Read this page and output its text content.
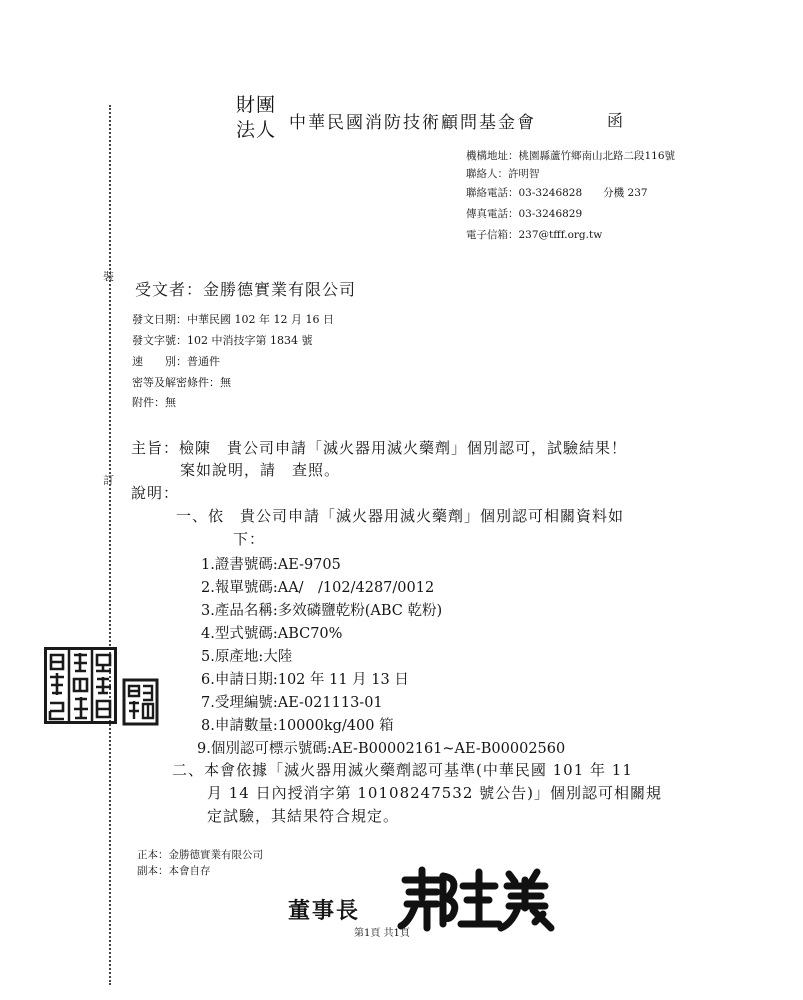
裝
訂
財團
法人 中華民國消防技術顧問基金會	函
機構地址：桃園縣蘆竹鄉南山北路二段116號
聯絡人：許明智
聯絡電話：03-3246828　　分機 237
傳真電話：03-3246829
電子信箱：237@tfff.org.tw
受文者：金勝德實業有限公司
發文日期：中華民國 102 年 12 月 16 日
發文字號：102 中消技字第 1834 號
速　　別：普通件
密等及解密條件：無
附件：無
主旨：檢陳　貴公司申請「滅火器用滅火藥劑」個別認可，試驗結果！
案如說明，請　查照。
說明：
一、依　貴公司申請「滅火器用滅火藥劑」個別認可相關資料如
下：
1.證書號碼:AE-9705
2.報單號碼:AA/　/102/4287/0012
3.產品名稱:多效磷鹽乾粉(ABC 乾粉)
4.型式號碼:ABC70%
5.原產地:大陸
6.申請日期:102 年 11 月 13 日
7.受理編號:AE-021113-01
8.申請數量:10000kg/400 箱
9.個別認可標示號碼:AE-B00002161~AE-B00002560
二、本會依據「滅火器用滅火藥劑認可基準(中華民國 101 年 11
月 14 日內授消字第 10108247532 號公告)」個別認可相關規
定試驗，其結果符合規定。
正本：金勝德實業有限公司
副本：本會自存
董事長
第1頁 共1頁
